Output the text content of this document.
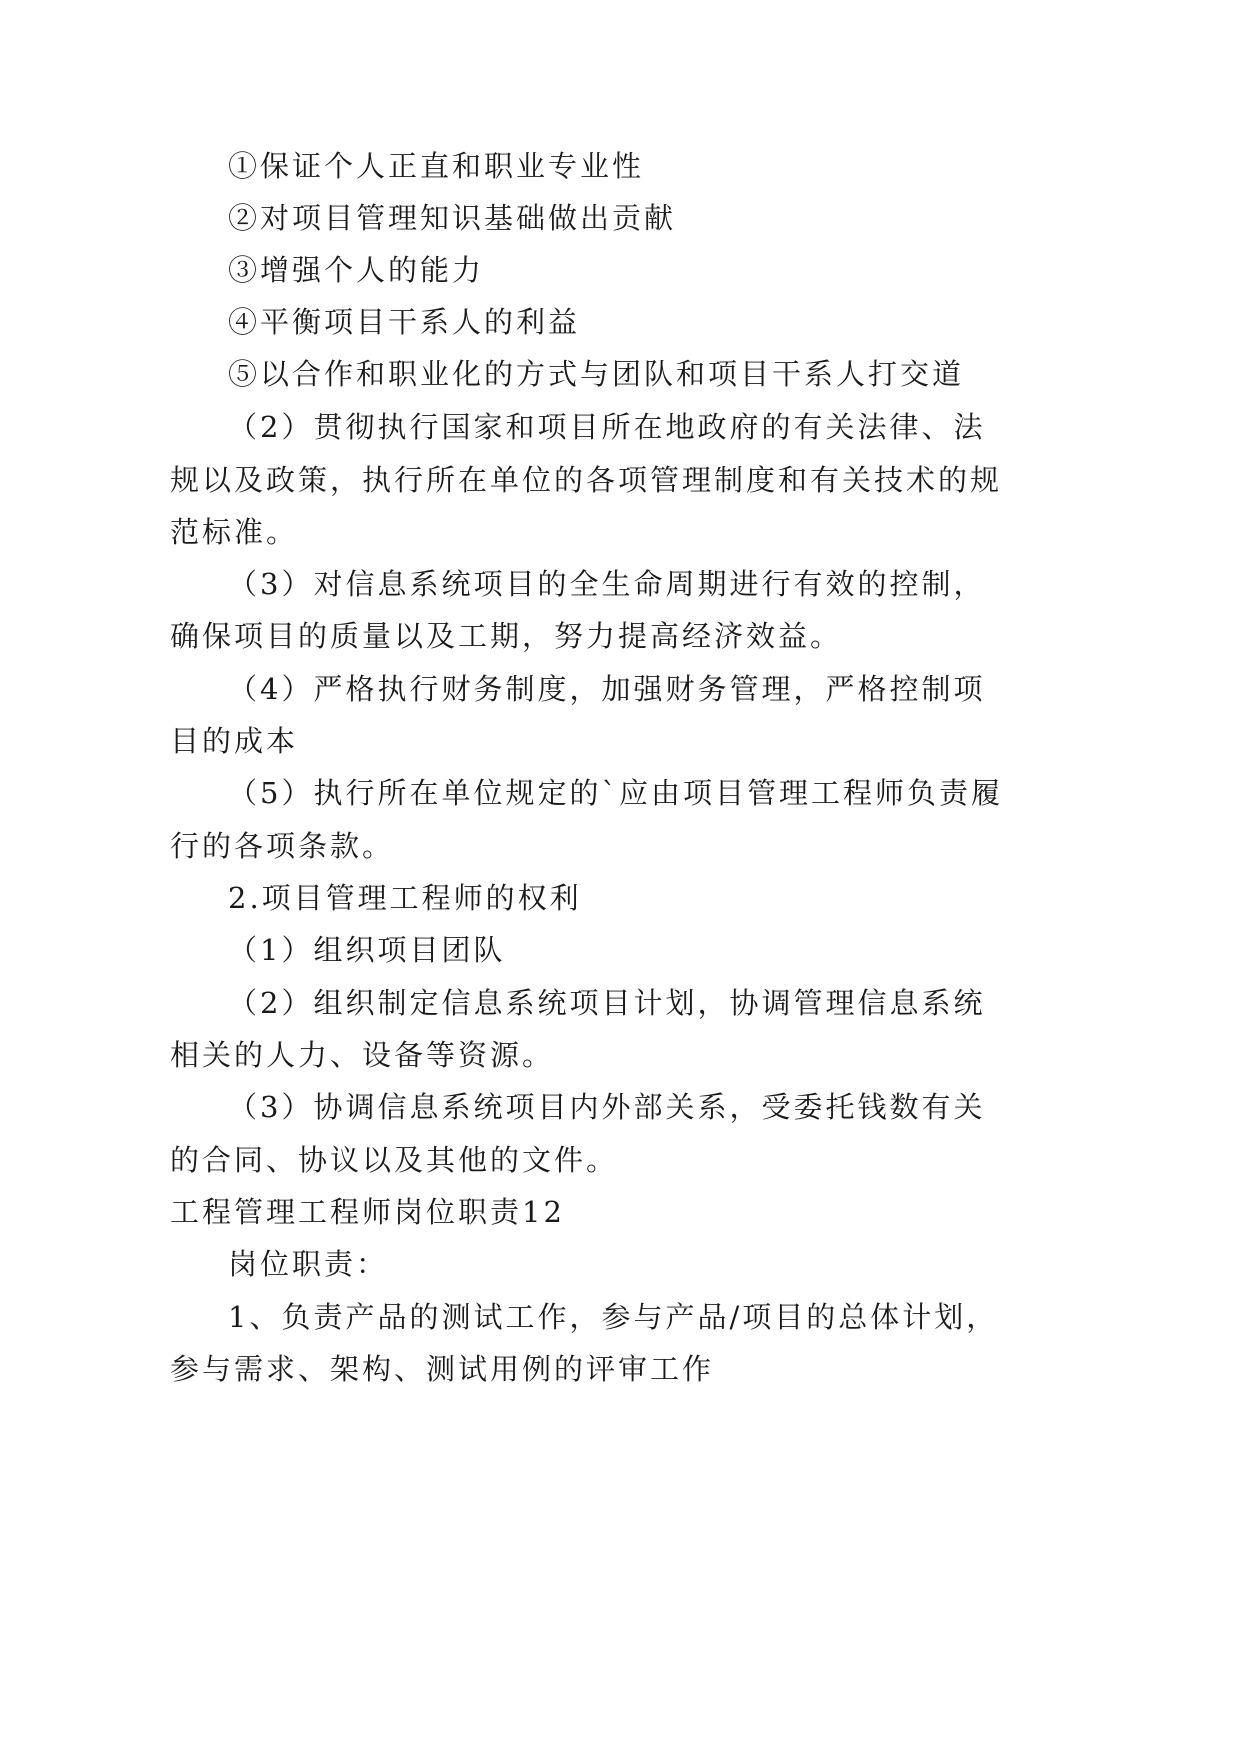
①保证个人正直和职业专业性
②对项目管理知识基础做出贡献
③增强个人的能力
④平衡项目干系人的利益
⑤以合作和职业化的方式与团队和项目干系人打交道
（2）贯彻执行国家和项目所在地政府的有关法律、法
规以及政策，执行所在单位的各项管理制度和有关技术的规
范标准。
（3）对信息系统项目的全生命周期进行有效的控制，
确保项目的质量以及工期，努力提高经济效益。
（4）严格执行财务制度，加强财务管理，严格控制项
目的成本
（5）执行所在单位规定的`应由项目管理工程师负责履
行的各项条款。
2.项目管理工程师的权利
（1）组织项目团队
（2）组织制定信息系统项目计划，协调管理信息系统
相关的人力、设备等资源。
（3）协调信息系统项目内外部关系，受委托钱数有关
的合同、协议以及其他的文件。
工程管理工程师岗位职责12
岗位职责：
1、负责产品的测试工作，参与产品/项目的总体计划，
参与需求、架构、测试用例的评审工作
